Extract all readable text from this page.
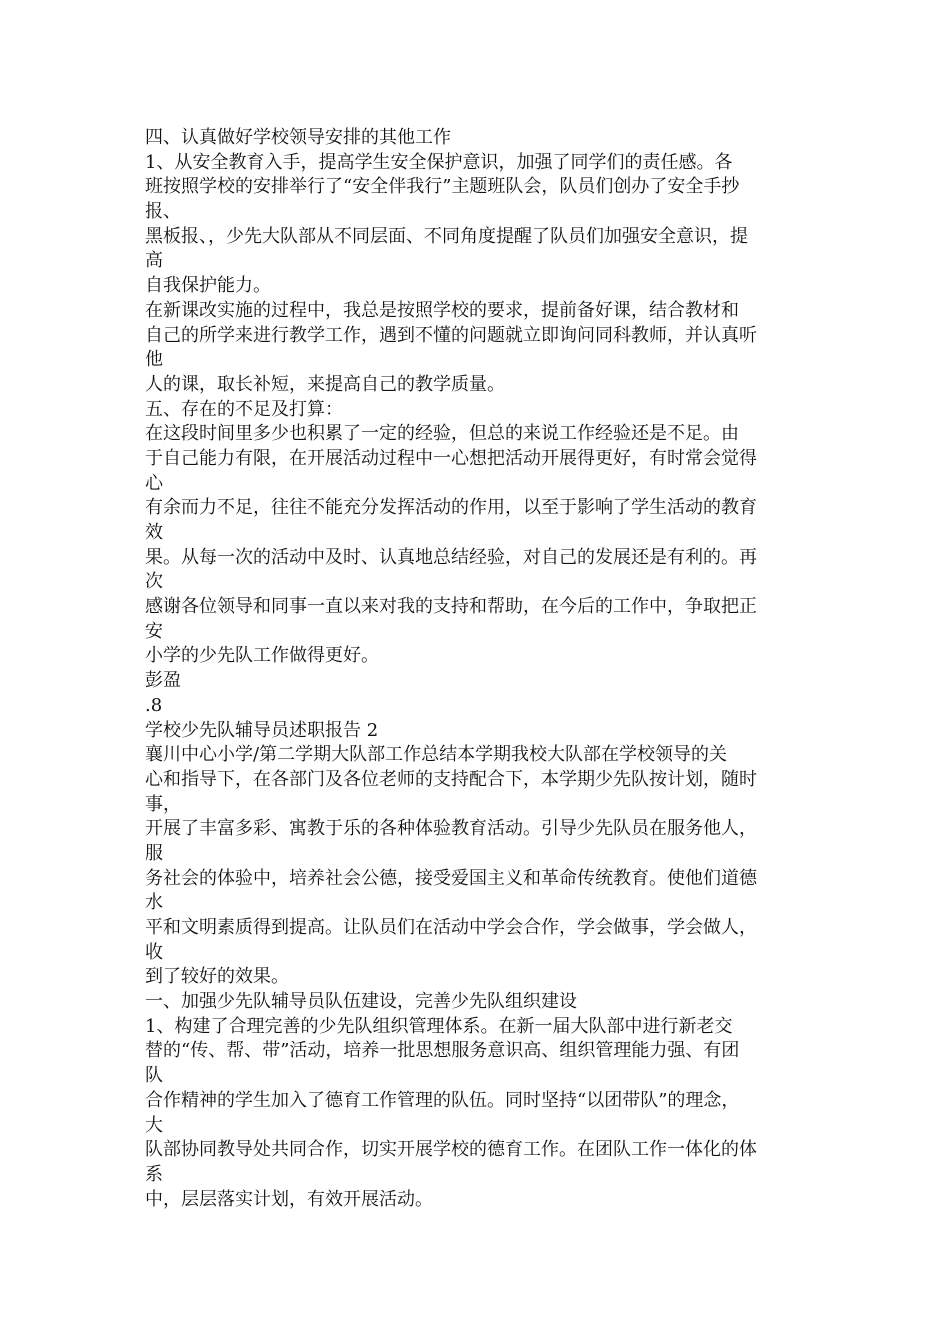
四、认真做好学校领导安排的其他工作
1、从安全教育入手，提高学生安全保护意识，加强了同学们的责任感。各
班按照学校的安排举行了“安全伴我行”主题班队会，队员们创办了安全手抄
报、
黑板报、，少先大队部从不同层面、不同角度提醒了队员们加强安全意识，提
高
自我保护能力。
在新课改实施的过程中，我总是按照学校的要求，提前备好课，结合教材和
自己的所学来进行教学工作，遇到不懂的问题就立即询问同科教师，并认真听
他
人的课，取长补短，来提高自己的教学质量。
五、存在的不足及打算：
在这段时间里多少也积累了一定的经验，但总的来说工作经验还是不足。由
于自己能力有限，在开展活动过程中一心想把活动开展得更好，有时常会觉得
心
有余而力不足，往往不能充分发挥活动的作用，以至于影响了学生活动的教育
效
果。从每一次的活动中及时、认真地总结经验，对自己的发展还是有利的。再
次
感谢各位领导和同事一直以来对我的支持和帮助，在今后的工作中，争取把正
安
小学的少先队工作做得更好。
彭盈
.8
学校少先队辅导员述职报告 2
襄川中心小学/第二学期大队部工作总结本学期我校大队部在学校领导的关
心和指导下，在各部门及各位老师的支持配合下，本学期少先队按计划，随时
事，
开展了丰富多彩、寓教于乐的各种体验教育活动。引导少先队员在服务他人，
服
务社会的体验中，培养社会公德，接受爱国主义和革命传统教育。使他们道德
水
平和文明素质得到提高。让队员们在活动中学会合作，学会做事，学会做人，
收
到了较好的效果。
一、加强少先队辅导员队伍建设，完善少先队组织建设
1、构建了合理完善的少先队组织管理体系。在新一届大队部中进行新老交
替的“传、帮、带”活动，培养一批思想服务意识高、组织管理能力强、有团
队
合作精神的学生加入了德育工作管理的队伍。同时坚持“以团带队”的理念，
大
队部协同教导处共同合作，切实开展学校的德育工作。在团队工作一体化的体
系
中，层层落实计划，有效开展活动。
